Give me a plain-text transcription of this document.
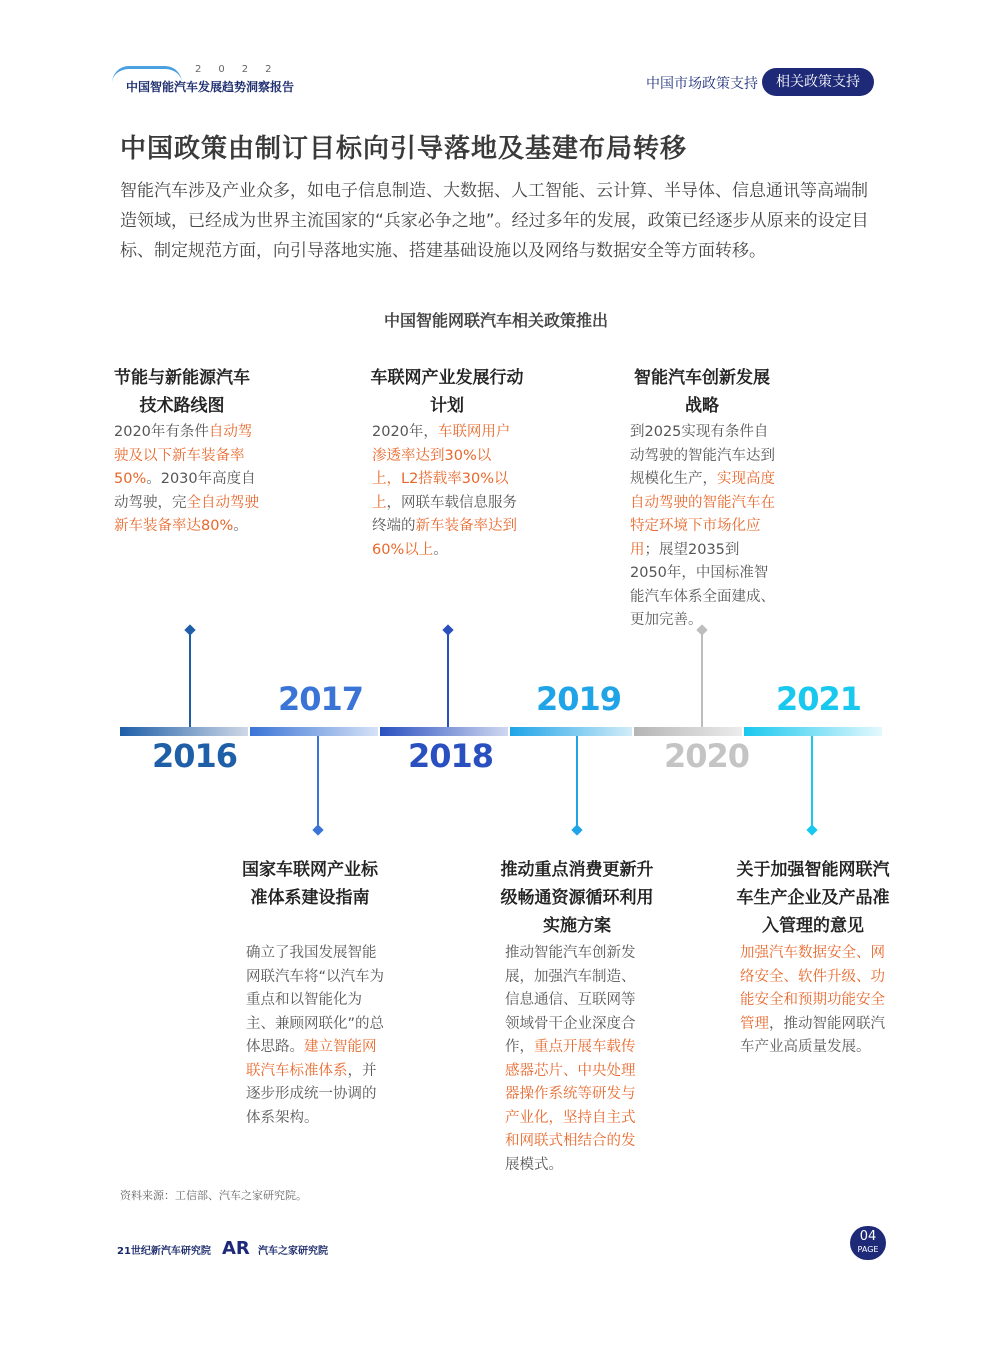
2022
中国智能汽车发展趋势洞察报告	中国市场政策支持	相关政策支持
中国政策由制订目标向引导落地及基建布局转移
智能汽车涉及产业众多，如电子信息制造、大数据、人工智能、云计算、半导体、信息通讯等高端制造领域，已经成为世界主流国家的“兵家必争之地”。经过多年的发展，政策已经逐步从原来的设定目标、制定规范方面，向引导落地实施、搭建基础设施以及网络与数据安全等方面转移。
中国智能网联汽车相关政策推出
2016
2017
2018
2019
2020
2021
节能与新能源汽车技术路线图
2020年有条件自动驾驶及以下新车装备率50%。2030年高度自动驾驶，完全自动驾驶新车装备率达80%。
车联网产业发展行动计划
2020年，车联网用户渗透率达到30%以上，L2搭载率30%以上，网联车载信息服务终端的新车装备率达到60%以上。
智能汽车创新发展战略
到2025实现有条件自动驾驶的智能汽车达到规模化生产，实现高度自动驾驶的智能汽车在特定环境下市场化应用；展望2035到2050年，中国标准智能汽车体系全面建成、更加完善。
国家车联网产业标准体系建设指南
确立了我国发展智能网联汽车将“以汽车为重点和以智能化为主、兼顾网联化”的总体思路。建立智能网联汽车标准体系，并逐步形成统一协调的体系架构。
推动重点消费更新升级畅通资源循环利用实施方案
推动智能汽车创新发展，加强汽车制造、信息通信、互联网等领域骨干企业深度合作，重点开展车载传感器芯片、中央处理器操作系统等研发与产业化，坚持自主式和网联式相结合的发展模式。
关于加强智能网联汽车生产企业及产品准入管理的意见
加强汽车数据安全、网络安全、软件升级、功能安全和预期功能安全管理，推动智能网联汽车产业高质量发展。
资料来源：工信部、汽车之家研究院。
21世纪新汽车研究院 AR 汽车之家研究院
04
PAGE
